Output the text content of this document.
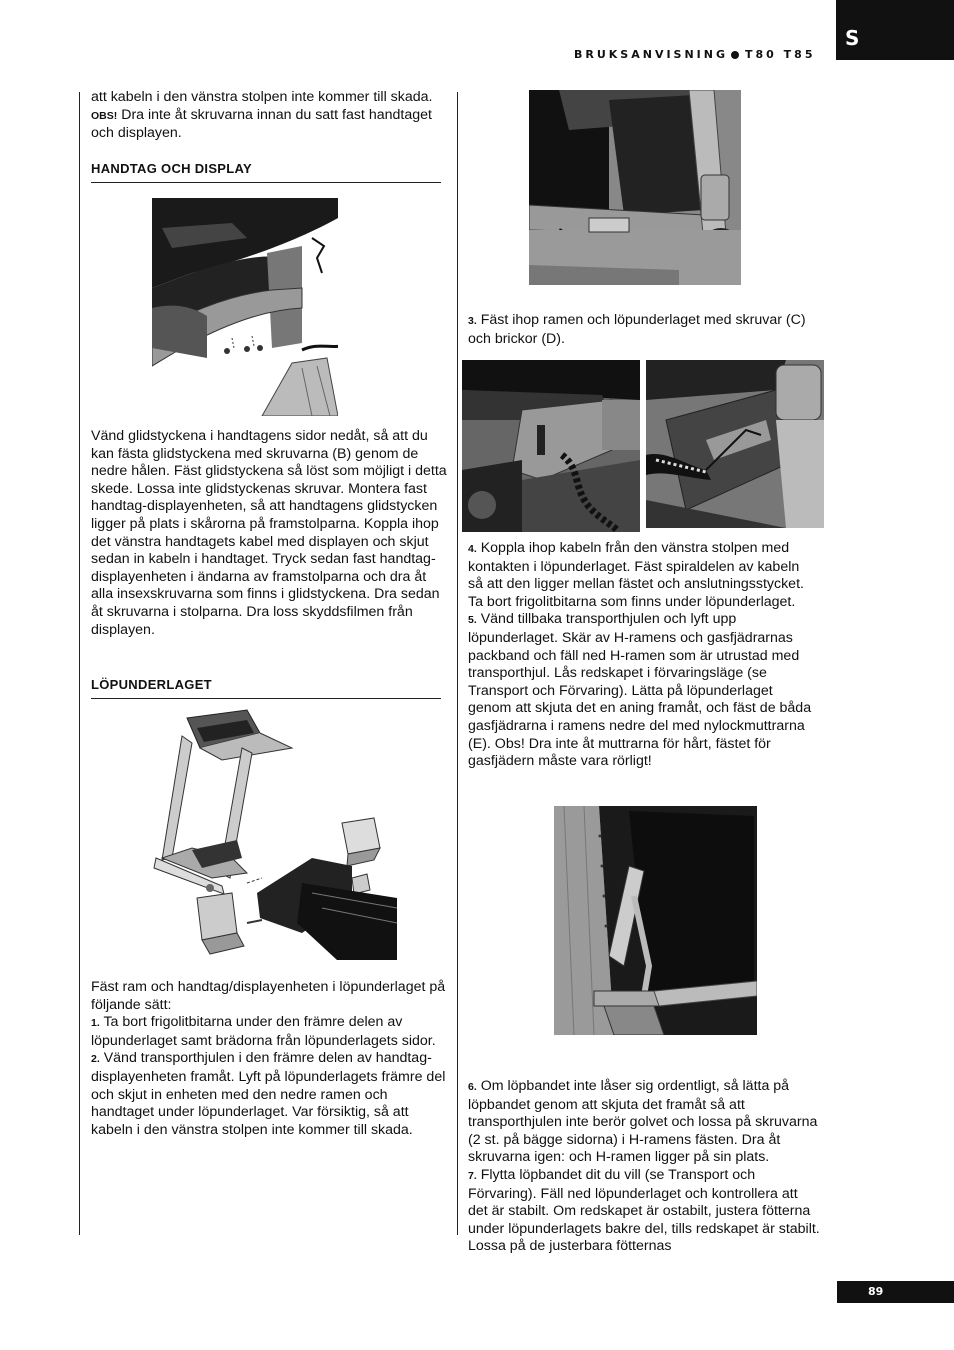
S
BRUKSANVISNING T80 T85

att kabeln i den vänstra stolpen inte kommer till skada. OBS! Dra inte åt skruvarna innan du satt fast handtaget och displayen.

HANDTAG OCH DISPLAY
Vänd glidstyckena i handtagens sidor nedåt, så att du kan fästa glidstyckena med skruvarna (B) genom de nedre hålen. Fäst glidstyckena så löst som möjligt i detta skede. Lossa inte glidstyckenas skruvar. Montera fast handtag-displayenheten, så att handtagens glidstycken ligger på plats i skårorna på framstolparna. Koppla ihop det vänstra handtagets kabel med displayen och skjut sedan in kabeln i handtaget. Tryck sedan fast handtag-displayenheten i ändarna av framstolparna och dra åt alla insexskruvarna som finns i glidstyckena. Dra sedan åt skruvarna i stolparna. Dra loss skyddsfilmen från displayen.
LÖPUNDERLAGET

Fäst ram och handtag/displayenheten i löpunderlaget på följande sätt:

1. Ta bort frigolitbitarna under den främre delen av löpunderlaget samt brädorna från löpunderlagets sidor.

2. Vänd transporthjulen i den främre delen av handtag-displayenheten framåt. Lyft på löpunderlagets främre del och skjut in enheten med den nedre ramen och handtaget under löpunderlaget. Var försiktig, så att kabeln i den vänstra stolpen inte kommer till skada.

3. Fäst ihop ramen och löpunderlaget med skruvar (C) och brickor (D).

4. Koppla ihop kabeln från den vänstra stolpen med kontakten i löpunderlaget. Fäst spiraldelen av kabeln så att den ligger mellan fästet och anslutningsstycket. Ta bort frigolitbitarna som finns under löpunderlaget.

5. Vänd tillbaka transporthjulen och lyft upp löpunderlaget. Skär av H-ramens och gasfjädrarnas packband och fäll ned H-ramen som är utrustad med transporthjul. Lås redskapet i förvaringsläge (se Transport och Förvaring). Lätta på löpunderlaget genom att skjuta det en aning framåt, och fäst de båda gasfjädrarna i ramens nedre del med nylockmuttrarna (E). Obs! Dra inte åt muttrarna för hårt, fästet för gasfjädern måste vara rörligt!

6. Om löpbandet inte låser sig ordentligt, så lätta på löpbandet genom att skjuta det framåt så att transporthjulen inte berör golvet och lossa på skruvarna (2 st. på bägge sidorna) i H-ramens fästen. Dra åt skruvarna igen: och H-ramen ligger på sin plats.

7. Flytta löpbandet dit du vill (se Transport och Förvaring). Fäll ned löpunderlaget och kontrollera att det är stabilt. Om redskapet är ostabilt, justera fötterna under löpunderlagets bakre del, tills redskapet är stabilt. Lossa på de justerbara fötternas

89
